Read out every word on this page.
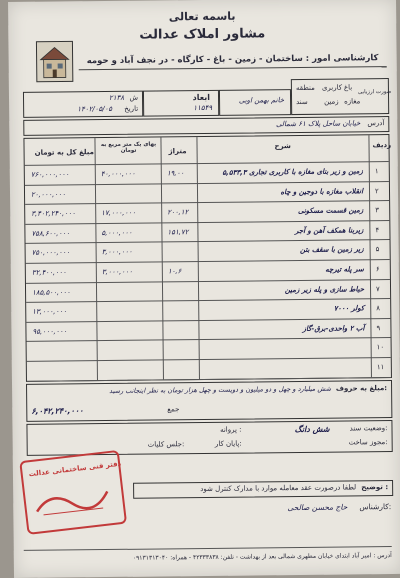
باسمه تعالی
مشاور املاک عدالت
کارشناسی امور : ساختمان - زمین - باغ - کارگاه - در نجف آباد و حومه
ش
۲۱۳۸
تاریخ
۱۴۰۲/۰۵/۰۵
ابعاد
۱۱۵۴۹
خانم بهمن اوبی
منطقه
سند
کاربری
زمین
باغ
مغازه
صورت ارزیابی
آدرس
خیابان ساحل پلاک ۶۱ شمالی
ردیف
شرح
متراژ
بهای یک متر مربع به تومان
مبلغ کل به تومان
۱
زمین و زیر بنای مغازه با کاربری تجاری ۵,۵۳۳,۳
۱۹,۰۰
۴۰,۰۰۰,۰۰۰
۷۶۰,۰۰۰,۰۰۰
۲
انقلاب مغازه با دوجین و چاه
۲۰,۰۰۰,۰۰۰
۳
زمین قسمت مسکونی
۲۰۰,۱۲
۱۷,۰۰۰,۰۰۰
۳,۴۰۲,۲۴۰,۰۰۰
۴
زیربنا همکف آهن و آجر
۱۵۱,۷۲
۵,۰۰۰,۰۰۰
۷۵۸,۶۰۰,۰۰۰
۵
زیر زمین با سقف بتن
۳,۰۰۰,۰۰۰
۷۵۰,۰۰۰,۰۰۰
۶
سر پله تیرچه
۱۰,۶
۳,۰۰۰,۰۰۰
۳۲,۴۰۰,۰۰۰
۷
حیاط سازی و پله زیر زمین
۱۸۵,۵۰۰,۰۰۰
۸
کولر ۷۰۰۰
۱۳,۰۰۰,۰۰۰
۹
آب ۲ واحدی-برق-گاز
۹۵,۰۰۰,۰۰۰
۱۰
۱۱
مبلغ به حروف:
شش میلیارد و چهل و دو میلیون و دویست و چهل هزار تومان به نظر اینجانب رسید
جمع
۶,۰۴۲,۲۴۰,۰۰۰
وضعیت سند:
شش دانگ
پروانه :
مجوز ساخت:
پایان کار:
جلس کلیات:
توضیح :
لطفا درصورت عقد معامله موارد با مدارک کنترل شود
کارشناس:
حاج محسن صالحی
دفتر فنی ساختمانی عدالت
آدرس : امیر آباد ابتدای خیابان مطهری شمالی بعد از بهداشت - تلفن: ۴۲۳۳۳۸۳۸ - همراه: ۰۹۱۳۱۳۱۳۰۴۰
